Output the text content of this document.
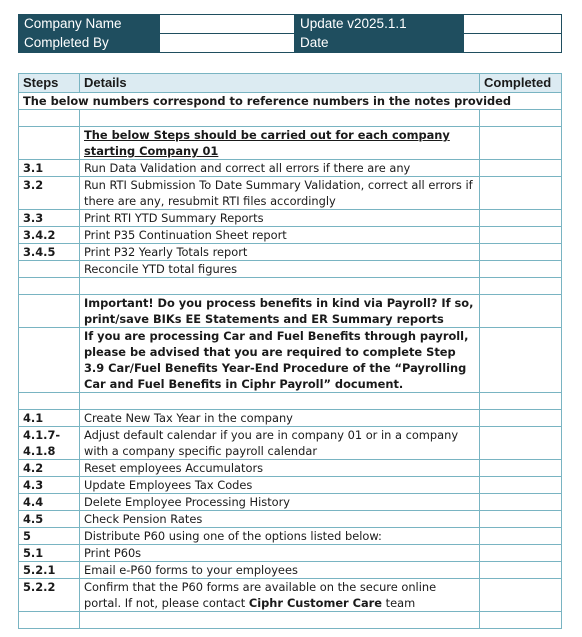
Company Name		Update v2025.1.1	
Completed By		Date	
Steps	Details	Completed
The below numbers correspond to reference numbers in the notes provided		

	The below Steps should be carried out for each company starting Company 01	
3.1	Run Data Validation and correct all errors if there are any	
3.2	Run RTI Submission To Date Summary Validation, correct all errors if there are any, resubmit RTI files accordingly	
3.3	Print RTI YTD Summary Reports	
3.4.2	Print P35 Continuation Sheet report	
3.4.5	Print P32 Yearly Totals report	
	Reconcile YTD total figures	

	Important! Do you process benefits in kind via Payroll? If so, print/save BIKs EE Statements and ER Summary reports	
	If you are processing Car and Fuel Benefits through payroll, please be advised that you are required to complete Step 3.9 Car/Fuel Benefits Year-End Procedure of the “Payrolling Car and Fuel Benefits in Ciphr Payroll” document.	

4.1	Create New Tax Year in the company	
4.1.7-
4.1.8	Adjust default calendar if you are in company 01 or in a company with a company specific payroll calendar	
4.2	Reset employees Accumulators	
4.3	Update Employees Tax Codes	
4.4	Delete Employee Processing History	
4.5	Check Pension Rates	
5	Distribute P60 using one of the options listed below:	
5.1	Print P60s	
5.2.1	Email e-P60 forms to your employees	
5.2.2	Confirm that the P60 forms are available on the secure online portal. If not, please contact Ciphr Customer Care team	
